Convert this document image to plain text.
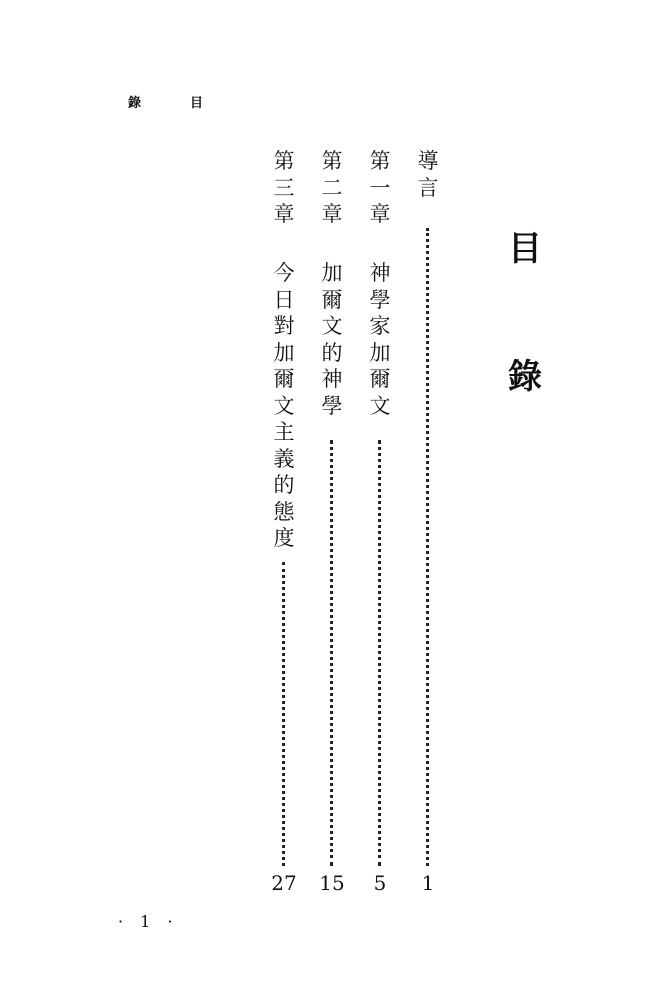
錄	目
目
錄
導言
1
第一章
神學家加爾文
5
第二章
加爾文的神學
15
第三章
今日對加爾文主義的態度
27
· 1 ·
